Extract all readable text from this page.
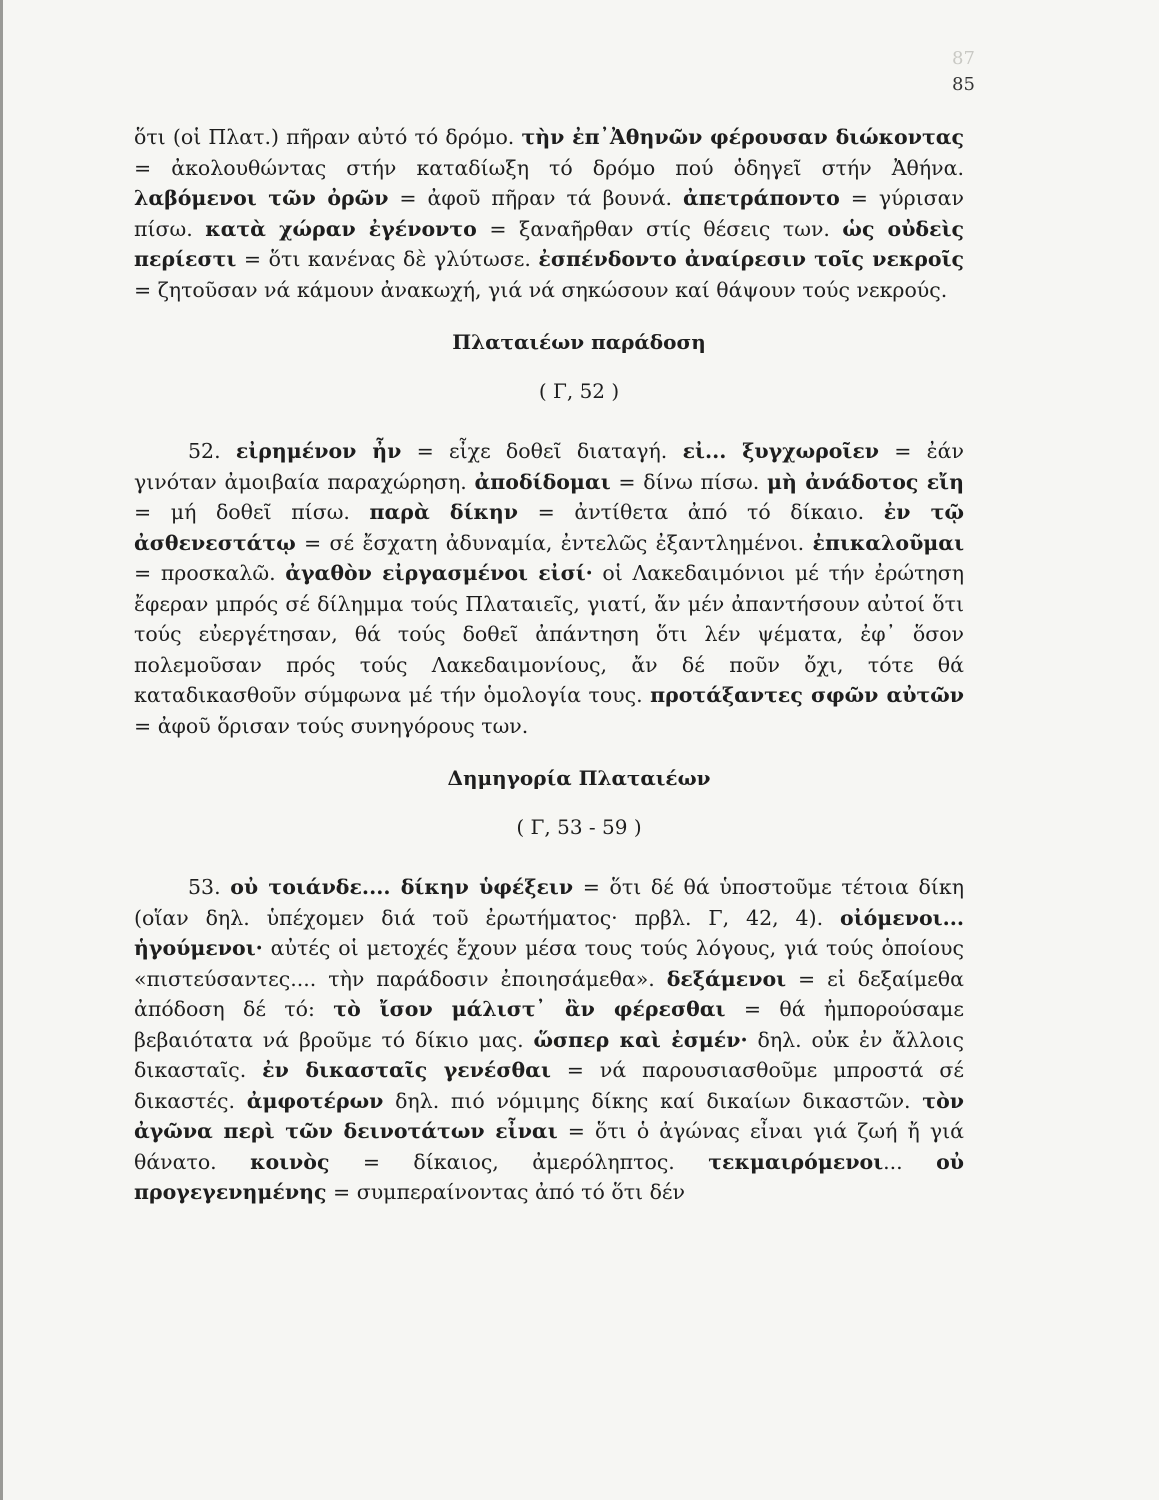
87
85

ὅτι (οἱ Πλατ.) πῆραν αὐτό τό δρόμο. τὴν ἐπ᾽Ἀθηνῶν φέρουσαν διώκοντας = ἀκολουθώντας στήν καταδίωξη τό δρόμο πού ὁδηγεῖ στήν Ἀθήνα. λαβόμενοι τῶν ὀρῶν = ἀφοῦ πῆραν τά βουνά. ἀπετράποντο = γύρισαν πίσω. κατὰ χώραν ἐγένοντο = ξαναῆρθαν στίς θέσεις των. ὡς οὐδεὶς περίεστι = ὅτι κανένας δὲ γλύτωσε. ἐσπένδοντο ἀναίρεσιν τοῖς νεκροῖς = ζητοῦσαν νά κάμουν ἀνακωχή, γιά νά σηκώσουν καί θάψουν τούς νεκρούς.

Πλαταιέων παράδοση
( Γ, 52 )

52. εἰρημένον ἦν = εἶχε δοθεῖ διαταγή. εἰ... ξυγχωροῖεν = ἐάν γινόταν ἀμοιβαία παραχώρηση. ἀποδίδομαι = δίνω πίσω. μὴ ἀνάδοτος εἴη = μή δοθεῖ πίσω. παρὰ δίκην = ἀντίθετα ἀπό τό δίκαιο. ἐν τῷ ἀσθενεστάτῳ = σέ ἔσχατη ἀδυναμία, ἐντελῶς ἐξαντλημένοι. ἐπικαλοῦμαι = προσκαλῶ. ἀγαθὸν εἰργασμένοι εἰσί· οἱ Λακεδαιμόνιοι μέ τήν ἐρώτηση ἔφεραν μπρός σέ δίλημμα τούς Πλαταιεῖς, γιατί, ἄν μέν ἀπαντήσουν αὐτοί ὅτι τούς εὐεργέτησαν, θά τούς δοθεῖ ἀπάντηση ὅτι λέν ψέματα, ἐφ᾽ ὅσον πολεμοῦσαν πρός τούς Λακεδαιμονίους, ἄν δέ ποῦν ὄχι, τότε θά καταδικασθοῦν σύμφωνα μέ τήν ὁμολογία τους. προτάξαντες σφῶν αὐτῶν = ἀφοῦ ὅρισαν τούς συνηγόρους των.

Δημηγορία Πλαταιέων
( Γ, 53 - 59 )

53. οὐ τοιάνδε.... δίκην ὑφέξειν = ὅτι δέ θά ὑποστοῦμε τέτοια δίκη (οἵαν δηλ. ὑπέχομεν διά τοῦ ἐρωτήματος· πρβλ. Γ, 42, 4). οἰόμενοι... ἡγούμενοι· αὐτές οἱ μετοχές ἔχουν μέσα τους τούς λόγους, γιά τούς ὁποίους «πιστεύσαντες.... τὴν παράδοσιν ἐποιησάμεθα». δεξάμενοι = εἰ δεξαίμεθα ἀπόδοση δέ τό: τὸ ἴσον μάλιστ᾽ ἂν φέρεσθαι = θά ἠμπορούσαμε βεβαιότατα νά βροῦμε τό δίκιο μας. ὥσπερ καὶ ἐσμέν· δηλ. οὐκ ἐν ἄλλοις δικασταῖς. ἐν δικασταῖς γενέσθαι = νά παρουσιασθοῦμε μπροστά σέ δικαστές. ἀμφοτέρων δηλ. πιό νόμιμης δίκης καί δικαίων δικαστῶν. τὸν ἀγῶνα περὶ τῶν δεινοτάτων εἶναι = ὅτι ὁ ἀγώνας εἶναι γιά ζωή ἤ γιά θάνατο. κοινὸς = δίκαιος, ἀμερόληπτος. τεκμαιρόμενοι... οὐ προγεγενημένης = συμπεραίνοντας ἀπό τό ὅτι δέν
